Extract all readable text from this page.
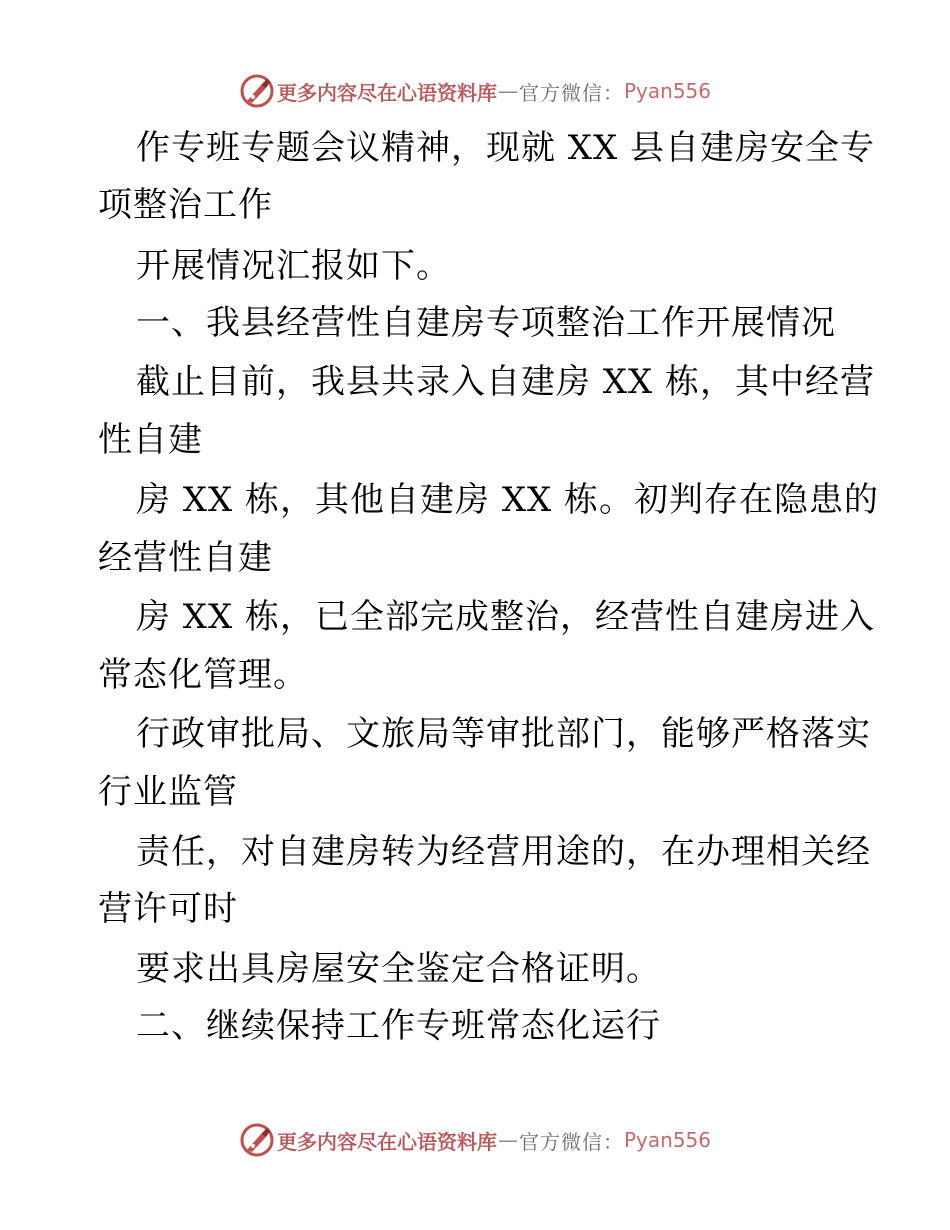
更多内容尽在心语资料库 — 官方微信： Pyan556
作专班专题会议精神，现就 XX 县自建房安全专
项整治工作
开展情况汇报如下。
一、我县经营性自建房专项整治工作开展情况
截止目前，我县共录入自建房 XX 栋，其中经营
性自建
房 XX 栋，其他自建房 XX 栋。初判存在隐患的
经营性自建
房 XX 栋，已全部完成整治，经营性自建房进入
常态化管理。
行政审批局、文旅局等审批部门，能够严格落实
行业监管
责任，对自建房转为经营用途的，在办理相关经
营许可时
要求出具房屋安全鉴定合格证明。
二、继续保持工作专班常态化运行
更多内容尽在心语资料库 — 官方微信： Pyan556
